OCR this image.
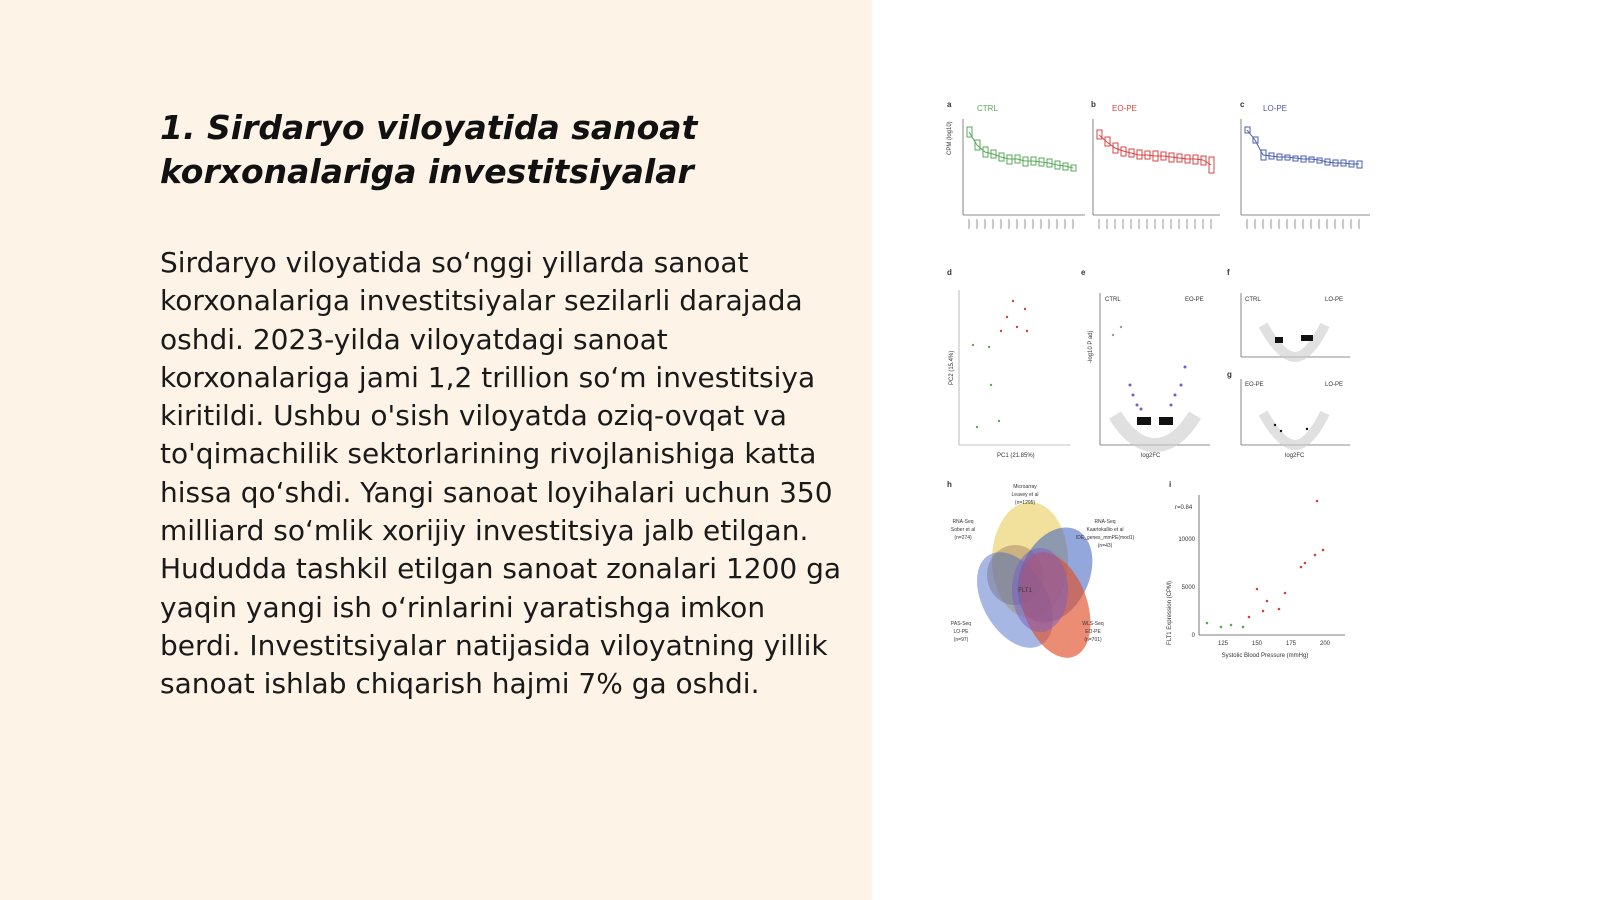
1. Sirdaryo viloyatida sanoat korxonalariga investitsiyalar

Sirdaryo viloyatida so‘nggi yillarda sanoat korxonalariga investitsiyalar sezilarli darajada oshdi. 2023-yilda viloyatdagi sanoat korxonalariga jami 1,2 trillion so‘m investitsiya kiritildi. Ushbu o'sish viloyatda oziq-ovqat va to'qimachilik sektorlarining rivojlanishiga katta hissa qo‘shdi. Yangi sanoat loyihalari uchun 350 milliard so‘mlik xorijiy investitsiya jalb etilgan. Hududda tashkil etilgan sanoat zonalari 1200 ga yaqin yangi ish o‘rinlarini yaratishga imkon berdi. Investitsiyalar natijasida viloyatning yillik sanoat ishlab chiqarish hajmi 7% ga oshdi.

a	CTRL
CPM (log10)
b EO-PE	c LO-PE
d
PC2 (15.4%)
PC1 (21.85%)
e
-log10 P adj
CTRL	EO-PE
log2FC
f
CTRL	LO-PE
g
EO-PE	LO-PE
log2FC
h
FLT1
Microarray
Leavey et al
(n=1295)
RNA-Seq
Kaartokallio et al
IDE_genes_mmPE(mod1)
(n=43)
RNA-Seq
Sober et al
(n=274)
PAS-Seq
LO-PE
(n=97)
WLS-Seq
EO-PE
(n=701)
i
FLT1 Expression (CPM)
r=0.84
0
5000
10000
125	150	175	200
Systolic Blood Pressure (mmHg)
